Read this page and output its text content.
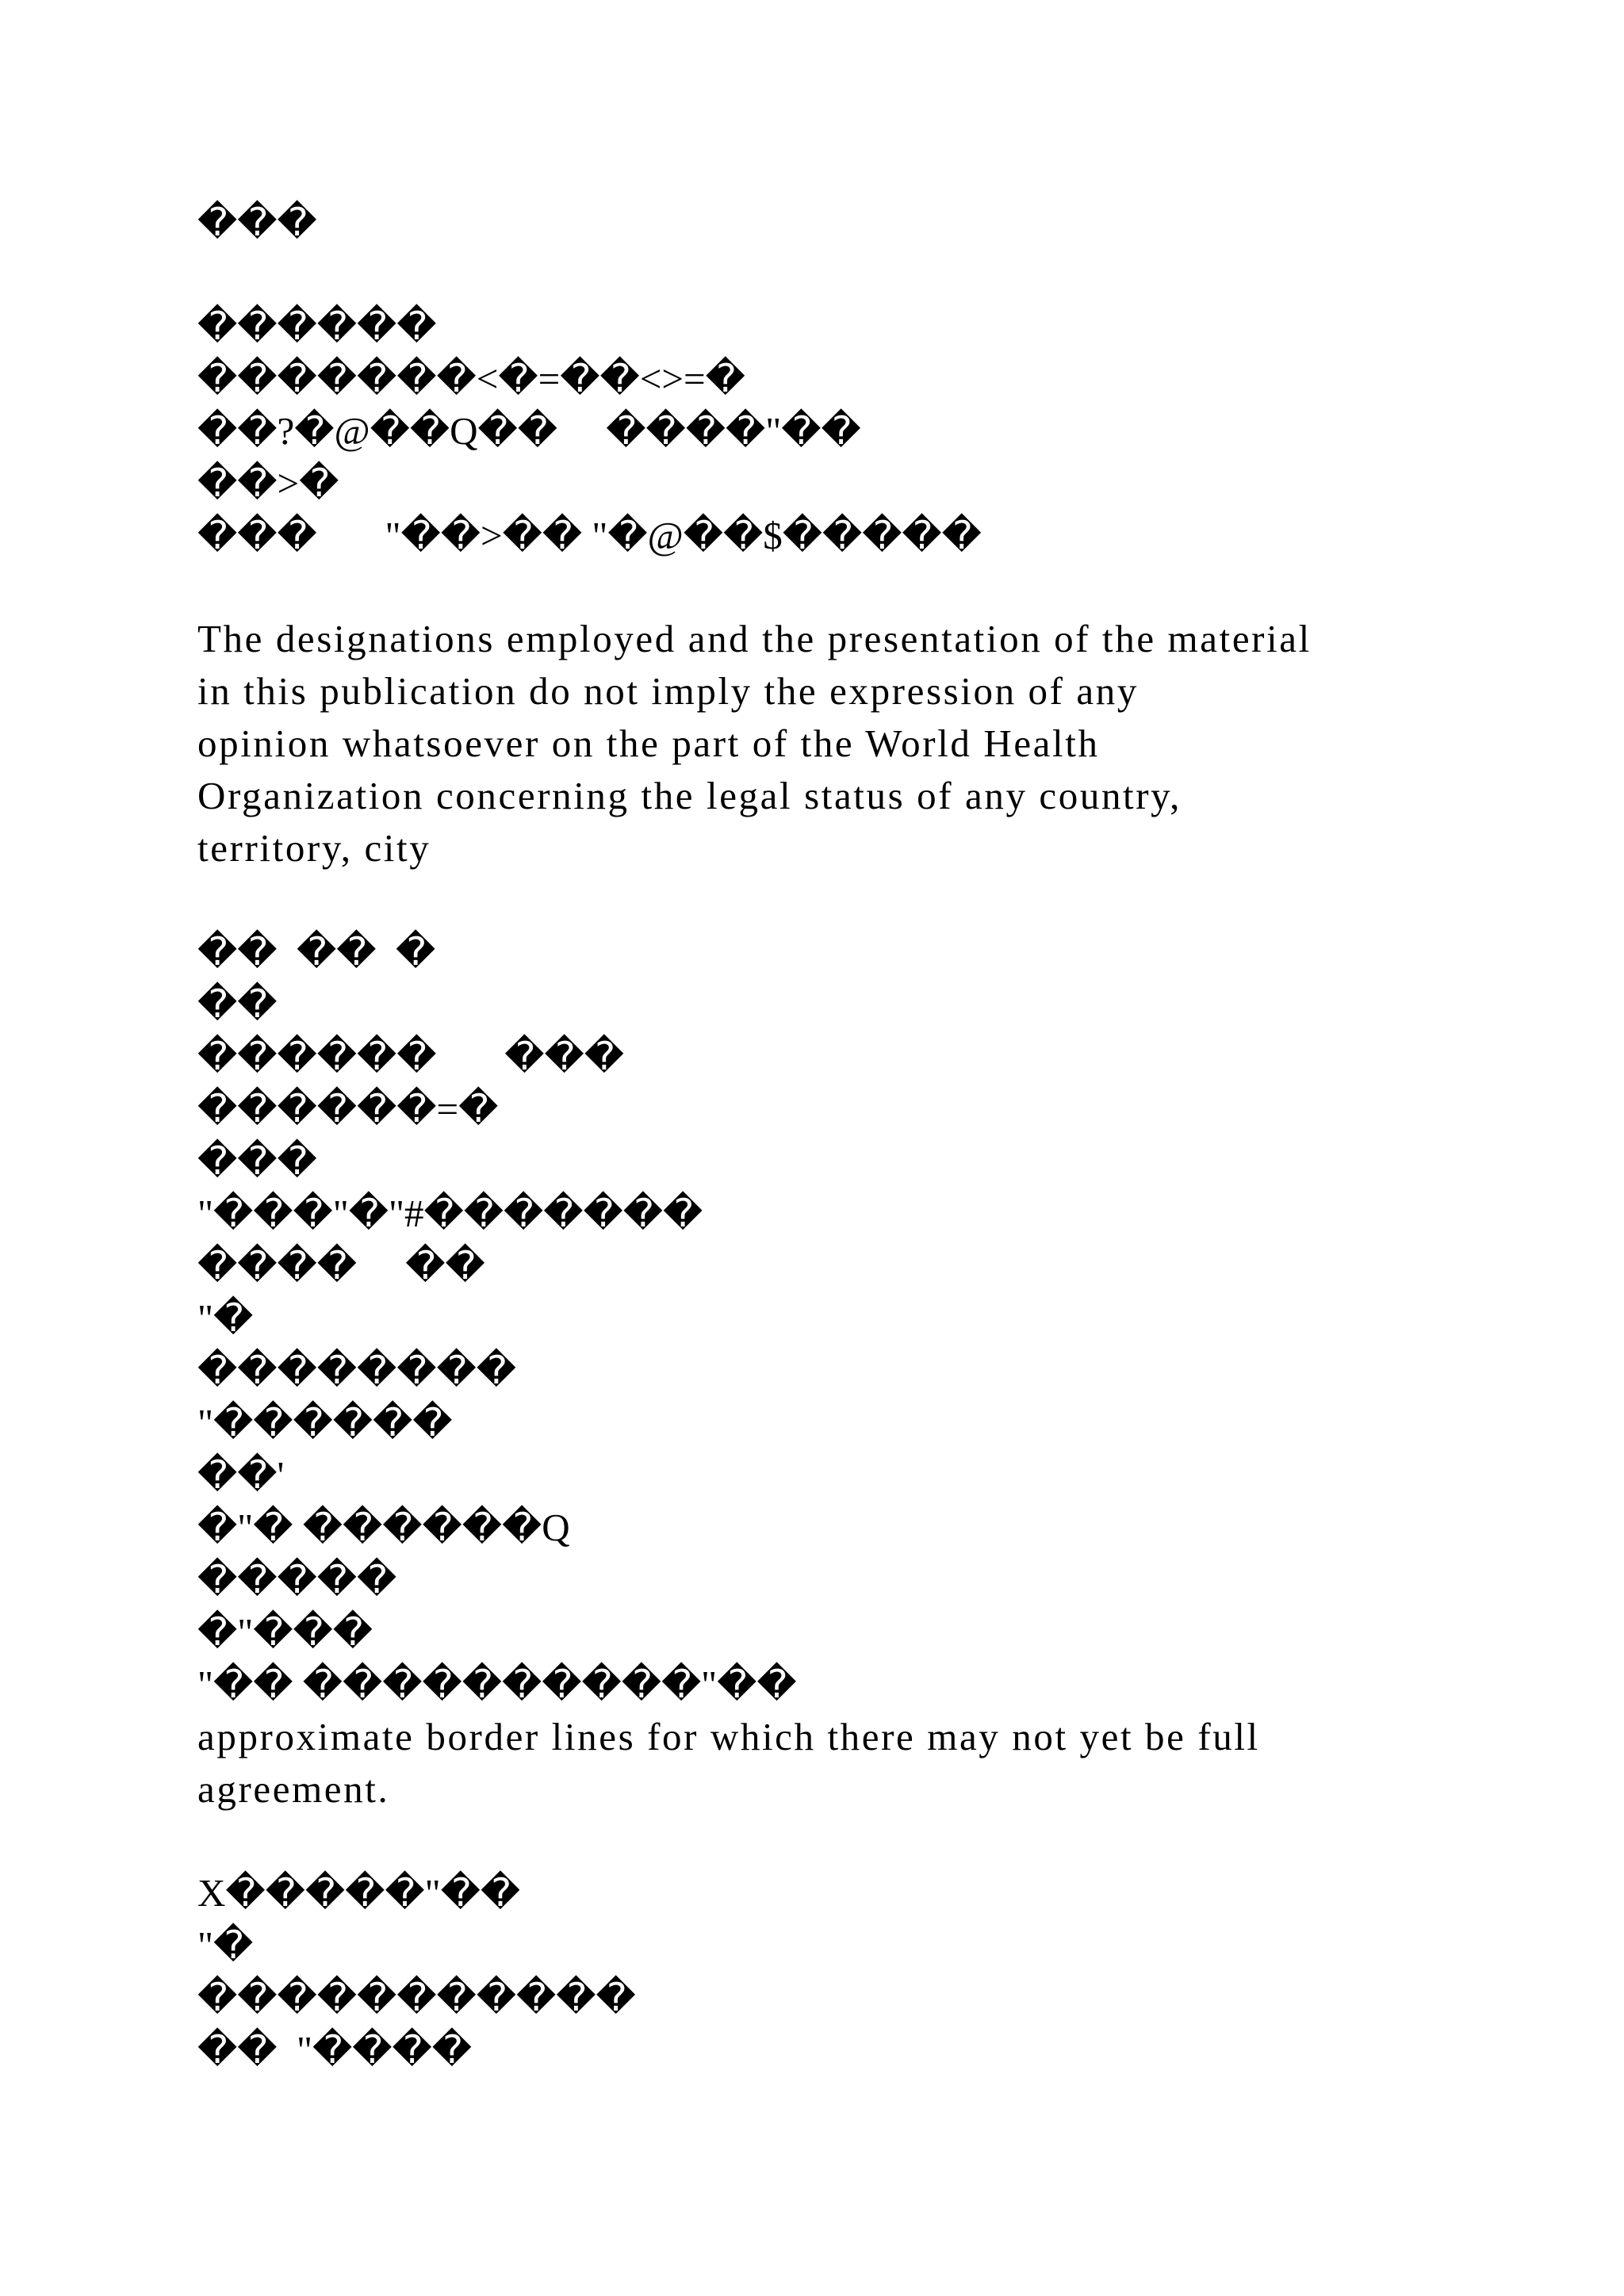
���
������
�������<�=��<>=�
��?�@��Q��     ����"��
��>�
���       "��>�� "�@��$�����
The designations employed and the presentation of the material
in this publication do not imply the expression of any
opinion whatsoever on the part of the World Health
Organization concerning the legal status of any country,
territory, city
��  ��  �
��
������       ���
������=�
���
"���"�"#�������
����     ��
"�
��������
"������
��'
�"� ������Q
�����
�"���
"�� ����������"��
approximate border lines for which there may not yet be full
agreement.
X�����"��
"�
�����������
��  "����
